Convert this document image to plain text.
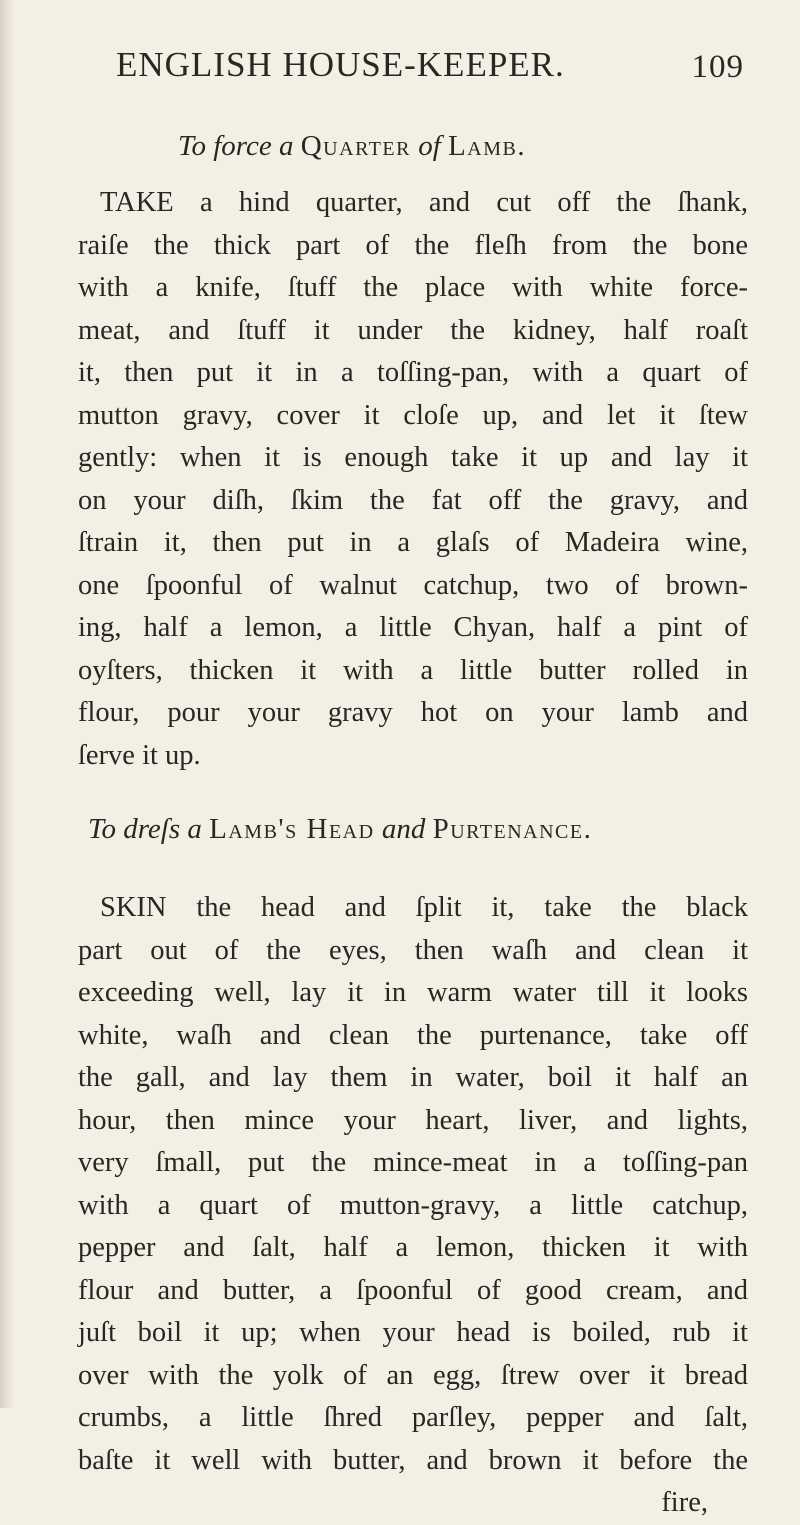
ENGLISH HOUSE-KEEPER.	109
To force a Quarter of Lamb.
TAKE a hind quarter, and cut off the ſhank,
raiſe the thick part of the fleſh from the bone
with a knife, ſtuff the place with white force-
meat, and ſtuff it under the kidney, half roaſt
it, then put it in a toſſing-pan, with a quart of
mutton gravy, cover it cloſe up, and let it ſtew
gently: when it is enough take it up and lay it
on your diſh, ſkim the fat off the gravy, and
ſtrain it, then put in a glaſs of Madeira wine,
one ſpoonful of walnut catchup, two of brown-
ing, half a lemon, a little Chyan, half a pint of
oyſters, thicken it with a little butter rolled in
flour, pour your gravy hot on your lamb and
ſerve it up.
To dreſs a Lamb's Head and Purtenance.
SKIN the head and ſplit it, take the black
part out of the eyes, then waſh and clean it
exceeding well, lay it in warm water till it looks
white, waſh and clean the purtenance, take off
the gall, and lay them in water, boil it half an
hour, then mince your heart, liver, and lights,
very ſmall, put the mince-meat in a toſſing-pan
with a quart of mutton-gravy, a little catchup,
pepper and ſalt, half a lemon, thicken it with
flour and butter, a ſpoonful of good cream, and
juſt boil it up; when your head is boiled, rub it
over with the yolk of an egg, ſtrew over it bread
crumbs, a little ſhred parſley, pepper and ſalt,
baſte it well with butter, and brown it before the
fire,
